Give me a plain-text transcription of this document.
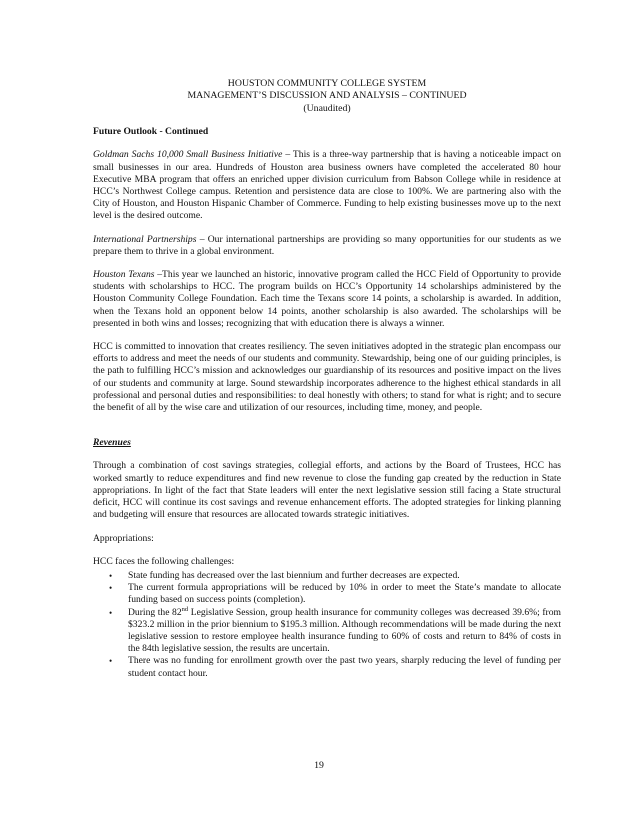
HOUSTON COMMUNITY COLLEGE SYSTEM
MANAGEMENT’S DISCUSSION AND ANALYSIS – CONTINUED
(Unaudited)
Future Outlook - Continued

Goldman Sachs 10,000 Small Business Initiative – This is a three-way partnership that is having a noticeable impact on small businesses in our area. Hundreds of Houston area business owners have completed the accelerated 80 hour Executive MBA program that offers an enriched upper division curriculum from Babson College while in residence at HCC’s Northwest College campus. Retention and persistence data are close to 100%. We are partnering also with the City of Houston, and Houston Hispanic Chamber of Commerce. Funding to help existing businesses move up to the next level is the desired outcome.

International Partnerships – Our international partnerships are providing so many opportunities for our students as we prepare them to thrive in a global environment.

Houston Texans –This year we launched an historic, innovative program called the HCC Field of Opportunity to provide students with scholarships to HCC. The program builds on HCC’s Opportunity 14 scholarships administered by the Houston Community College Foundation. Each time the Texans score 14 points, a scholarship is awarded. In addition, when the Texans hold an opponent below 14 points, another scholarship is also awarded. The scholarships will be presented in both wins and losses; recognizing that with education there is always a winner.

HCC is committed to innovation that creates resiliency. The seven initiatives adopted in the strategic plan encompass our efforts to address and meet the needs of our students and community. Stewardship, being one of our guiding principles, is the path to fulfilling HCC’s mission and acknowledges our guardianship of its resources and positive impact on the lives of our students and community at large. Sound stewardship incorporates adherence to the highest ethical standards in all professional and personal duties and responsibilities: to deal honestly with others; to stand for what is right; and to secure the benefit of all by the wise care and utilization of our resources, including time, money, and people.

Revenues

Through a combination of cost savings strategies, collegial efforts, and actions by the Board of Trustees, HCC has worked smartly to reduce expenditures and find new revenue to close the funding gap created by the reduction in State appropriations. In light of the fact that State leaders will enter the next legislative session still facing a State structural deficit, HCC will continue its cost savings and revenue enhancement efforts. The adopted strategies for linking planning and budgeting will ensure that resources are allocated towards strategic initiatives.

Appropriations:
HCC faces the following challenges:
• State funding has decreased over the last biennium and further decreases are expected.
• The current formula appropriations will be reduced by 10% in order to meet the State’s mandate to allocate funding based on success points (completion).
• During the 82nd Legislative Session, group health insurance for community colleges was decreased 39.6%; from $323.2 million in the prior biennium to $195.3 million. Although recommendations will be made during the next legislative session to restore employee health insurance funding to 60% of costs and return to 84% of costs in the 84th legislative session, the results are uncertain.
• There was no funding for enrollment growth over the past two years, sharply reducing the level of funding per student contact hour.
19
